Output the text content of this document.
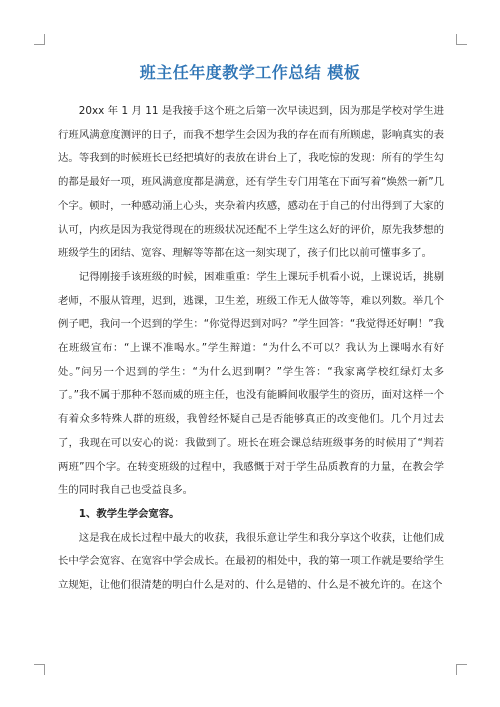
班主任年度教学工作总结 模板

20xx 年 1 月 11 是我接手这个班之后第一次早读迟到，因为那是学校对学生进行班风满意度测评的日子，而我不想学生会因为我的存在而有所顾虑，影响真实的表达。等我到的时候班长已经把填好的表放在讲台上了，我吃惊的发现：所有的学生勾的都是最好一项，班风满意度都是满意，还有学生专门用笔在下面写着“焕然一新”几个字。顿时，一种感动涌上心头，夹杂着内疚感，感动在于自己的付出得到了大家的认可，内疚是因为我觉得现在的班级状况还配不上学生这么好的评价，原先我梦想的班级学生的团结、宽容、理解等等都在这一刻实现了，孩子们比以前可懂事多了。

记得刚接手该班级的时候，困难重重：学生上课玩手机看小说，上课说话，挑剔老师，不服从管理，迟到，逃课，卫生差，班级工作无人做等等，难以列数。举几个例子吧，我问一个迟到的学生：“你觉得迟到对吗？”学生回答：“我觉得还好啊！”我在班级宣布：“上课不准喝水。”学生辩道：“为什么不可以？我认为上课喝水有好处。”问另一个迟到的学生：“为什么迟到啊？”学生答：“我家离学校红绿灯太多了。”我不属于那种不怒而威的班主任，也没有能瞬间收服学生的资历，面对这样一个有着众多特殊人群的班级，我曾经怀疑自己是否能够真正的改变他们。几个月过去了，我现在可以安心的说：我做到了。班长在班会课总结班级事务的时候用了“判若两班”四个字。在转变班级的过程中，我感慨于对于学生品质教育的力量，在教会学生的同时我自己也受益良多。

1、教学生学会宽容。

这是我在成长过程中最大的收获，我很乐意让学生和我分享这个收获，让他们成长中学会宽容、在宽容中学会成长。在最初的相处中，我的第一项工作就是要给学生立规矩，让他们很清楚的明白什么是对的、什么是错的、什么是不被允许的。在这个
